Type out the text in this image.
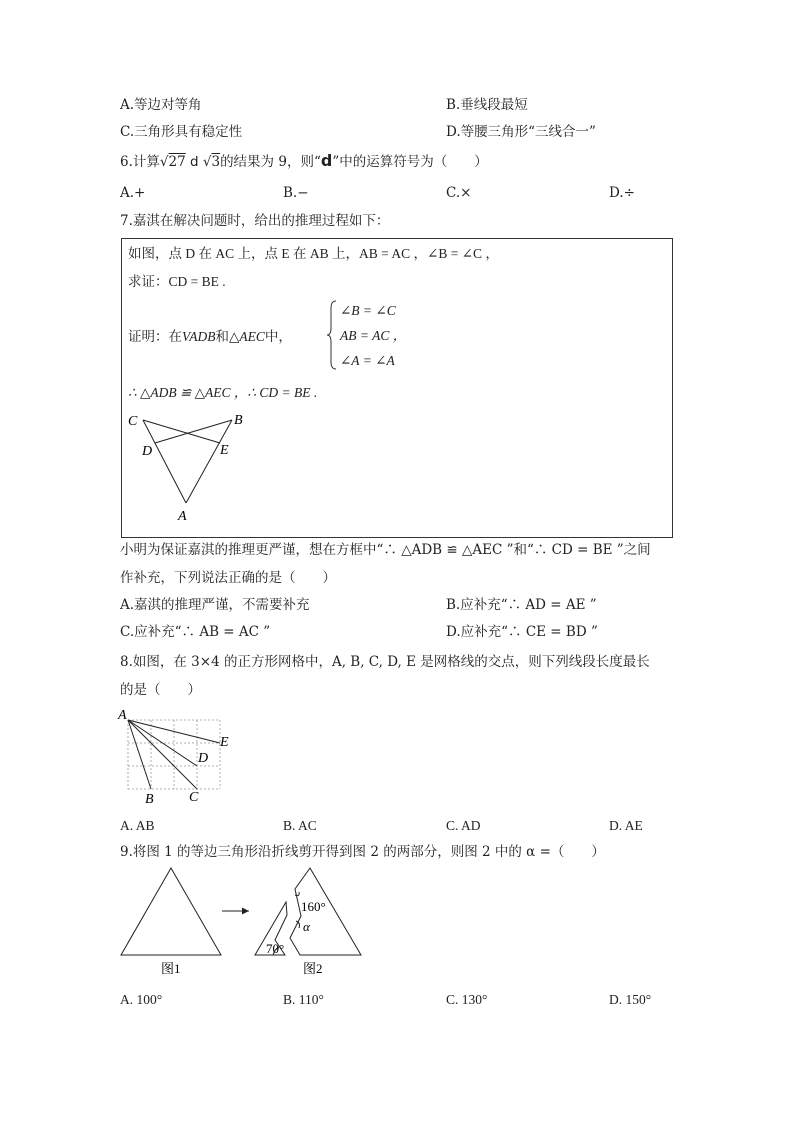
A.等边对等角	B.垂线段最短
C.三角形具有稳定性	D.等腰三角形“三线合一”
6.计算√27 d √3的结果为 9，则“d”中的运算符号为（　　）
A.+	B.−	C.×	D.÷
7.嘉淇在解决问题时，给出的推理过程如下：
如图，点 D 在 AC 上，点 E 在 AB 上，AB = AC ，∠B = ∠C ，
求证：CD = BE .
证明：在VADB和△AEC中，
∠B = ∠C
AB = AC ，
∠A = ∠A
∴ △ADB ≌ △AEC ，∴ CD = BE .
C	B
D	E
A
小明为保证嘉淇的推理更严谨，想在方框中“∴ △ADB ≌ △AEC ”和“∴ CD = BE ”之间
作补充，下列说法正确的是（　　）
A.嘉淇的推理严谨，不需要补充	B.应补充“∴ AD = AE ”
C.应补充“∴ AB = AC ”	D.应补充“∴ CE = BD ”
8.如图，在 3×4 的正方形网格中，A, B, C, D, E 是网格线的交点，则下列线段长度最长
的是（　　）
A
B	C
D
E
A. AB	B. AC	C. AD	D. AE
9.将图 1 的等边三角形沿折线剪开得到图 2 的两部分，则图 2 中的 α =（　　）
160°
α
70°
图1	图2
A. 100°	B. 110°	C. 130°	D. 150°
